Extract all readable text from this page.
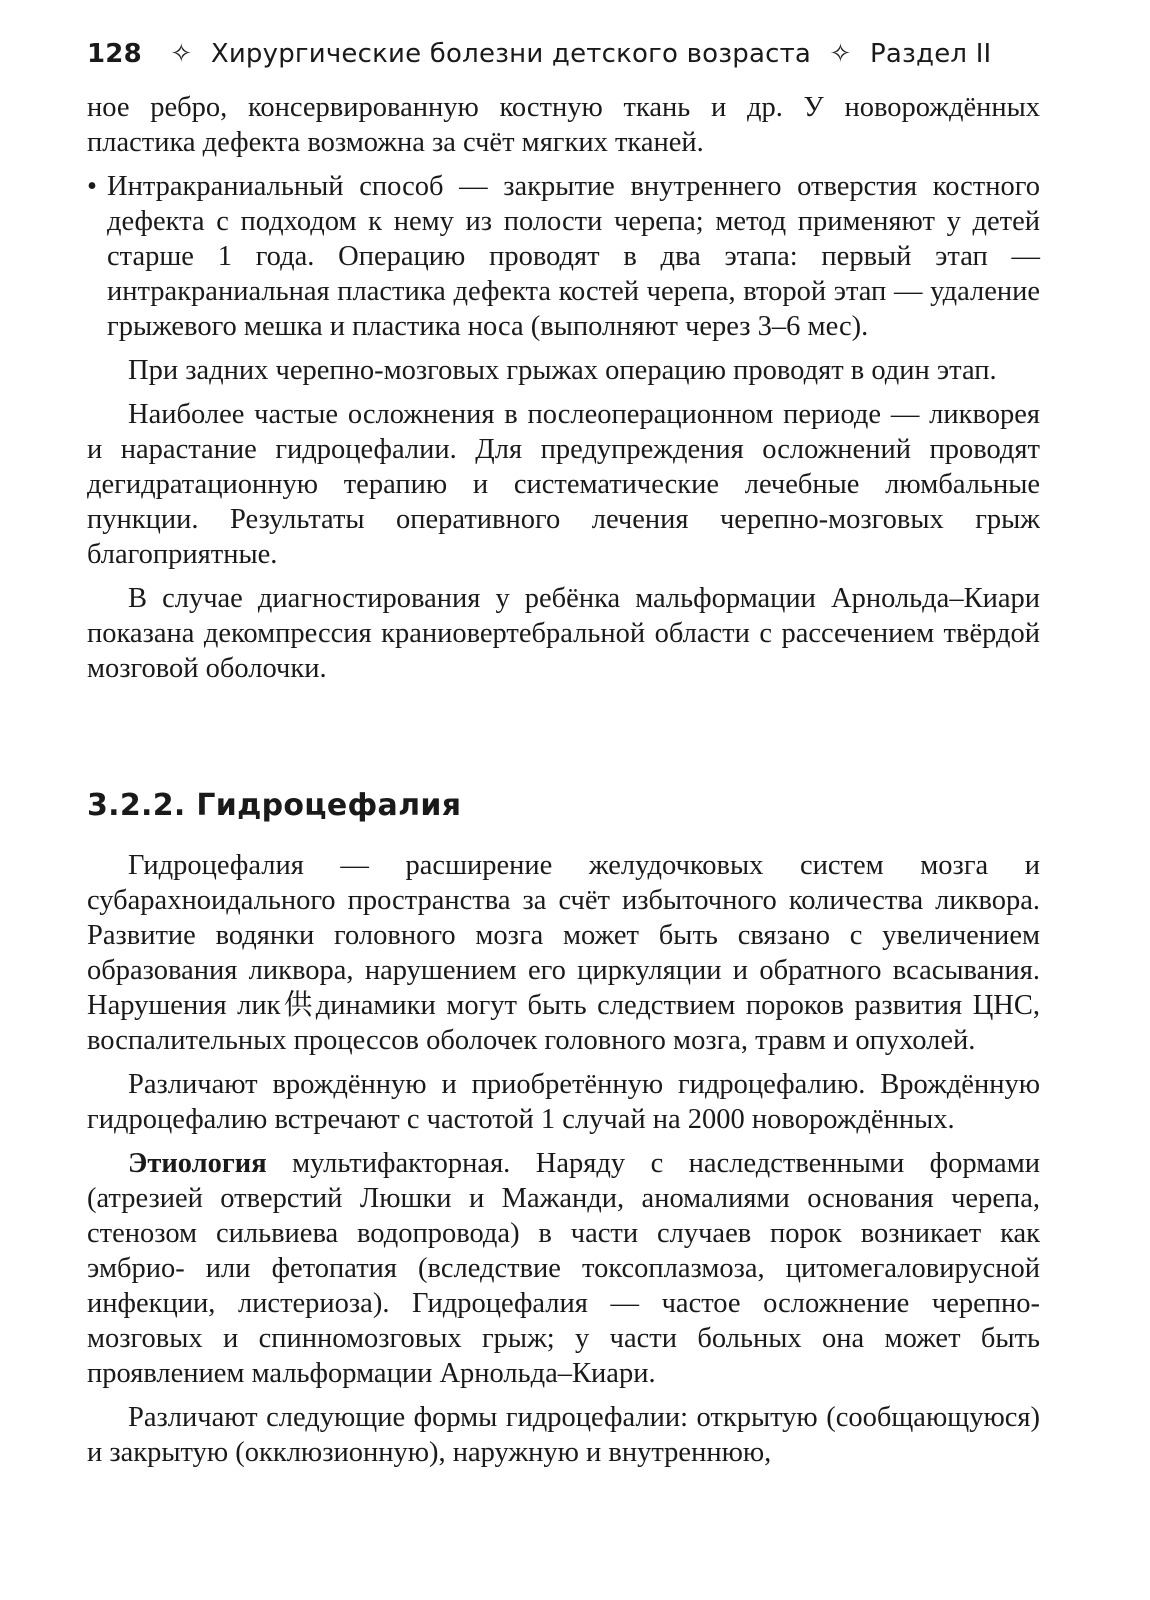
128 ✧ Хирургические болезни детского возраста ✧ Раздел II

ное ребро, консервированную костную ткань и др. У новорождённых пластика дефекта возможна за счёт мягких тканей.

• Интракраниальный способ — закрытие внутреннего отверстия костного дефекта с подходом к нему из полости черепа; метод применяют у детей старше 1 года. Операцию проводят в два этапа: первый этап — интракраниальная пластика дефекта костей черепа, второй этап — удаление грыжевого мешка и пластика носа (выполняют через 3–6 мес).

При задних черепно-мозговых грыжах операцию проводят в один этап.

Наиболее частые осложнения в послеоперационном периоде — ликворея и нарастание гидроцефалии. Для предупреждения осложнений проводят дегидратационную терапию и систематические лечебные люмбальные пункции. Результаты оперативного лечения черепно-мозговых грыж благоприятные.

В случае диагностирования у ребёнка мальформации Арнольда–Киари показана декомпрессия краниовертебральной области с рассечением твёрдой мозговой оболочки.

3.2.2. Гидроцефалия

Гидроцефалия — расширение желудочковых систем мозга и субарахноидального пространства за счёт избыточного количества ликвора. Развитие водянки головного мозга может быть связано с увеличением образования ликвора, нарушением его циркуляции и обратного всасывания. Нарушения лик供динамики могут быть следствием пороков развития ЦНС, воспалительных процессов оболочек головного мозга, травм и опухолей.

Различают врождённую и приобретённую гидроцефалию. Врождённую гидроцефалию встречают с частотой 1 случай на 2000 новорождённых.

Этиология мультифакторная. Наряду с наследственными формами (атрезией отверстий Люшки и Мажанди, аномалиями основания черепа, стенозом сильвиева водопровода) в части случаев порок возникает как эмбрио- или фетопатия (вследствие токсоплазмоза, цитомегаловирусной инфекции, листериоза). Гидроцефалия — частое осложнение черепно-мозговых и спинномозговых грыж; у части больных она может быть проявлением мальформации Арнольда–Киари.

Различают следующие формы гидроцефалии: открытую (сообщающуюся) и закрытую (окклюзионную), наружную и внутреннюю,
